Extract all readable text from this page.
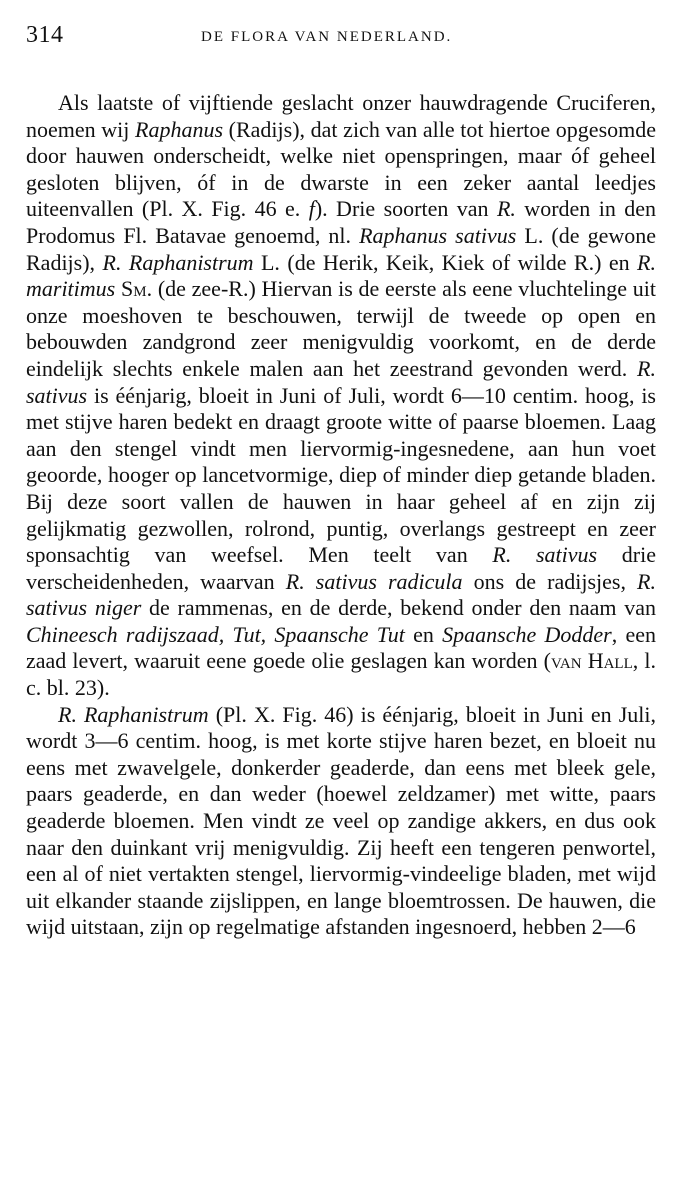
314	DE FLORA VAN NEDERLAND.

Als laatste of vijftiende geslacht onzer hauwdragende Cruciferen, noemen wij Raphanus (Radijs), dat zich van alle tot hiertoe opgesomde door hauwen onderscheidt, welke niet openspringen, maar óf geheel gesloten blijven, óf in de dwarste in een zeker aantal leedjes uiteenvallen (Pl. X. Fig. 46 e. f). Drie soorten van R. worden in den Prodomus Fl. Batavae genoemd, nl. Raphanus sativus L. (de gewone Radijs), R. Raphanistrum L. (de Herik, Keik, Kiek of wilde R.) en R. maritimus Sm. (de zee-R.) Hiervan is de eerste als eene vluchtelinge uit onze moeshoven te beschouwen, terwijl de tweede op open en bebouwden zandgrond zeer menigvuldig voorkomt, en de derde eindelijk slechts enkele malen aan het zeestrand gevonden werd. R. sativus is éénjarig, bloeit in Juni of Juli, wordt 6—10 centim. hoog, is met stijve haren bedekt en draagt groote witte of paarse bloemen. Laag aan den stengel vindt men liervormig-ingesnedene, aan hun voet geoorde, hooger op lancetvormige, diep of minder diep getande bladen. Bij deze soort vallen de hauwen in haar geheel af en zijn zij gelijkmatig gezwollen, rolrond, puntig, overlangs gestreept en zeer sponsachtig van weefsel. Men teelt van R. sativus drie verscheidenheden, waarvan R. sativus radicula ons de radijsjes, R. sativus niger de rammenas, en de derde, bekend onder den naam van Chineesch radijszaad, Tut, Spaansche Tut en Spaansche Dodder, een zaad levert, waaruit eene goede olie geslagen kan worden (van Hall, l. c. bl. 23).

R. Raphanistrum (Pl. X. Fig. 46) is éénjarig, bloeit in Juni en Juli, wordt 3—6 centim. hoog, is met korte stijve haren bezet, en bloeit nu eens met zwavelgele, donkerder geaderde, dan eens met bleek gele, paars geaderde, en dan weder (hoewel zeldzamer) met witte, paars geaderde bloemen. Men vindt ze veel op zandige akkers, en dus ook naar den duinkant vrij menigvuldig. Zij heeft een tengeren penwortel, een al of niet vertakten stengel, liervormig-vindeelige bladen, met wijd uit elkander staande zijslippen, en lange bloemtrossen. De hauwen, die wijd uitstaan, zijn op regelmatige afstanden ingesnoerd, hebben 2—6
